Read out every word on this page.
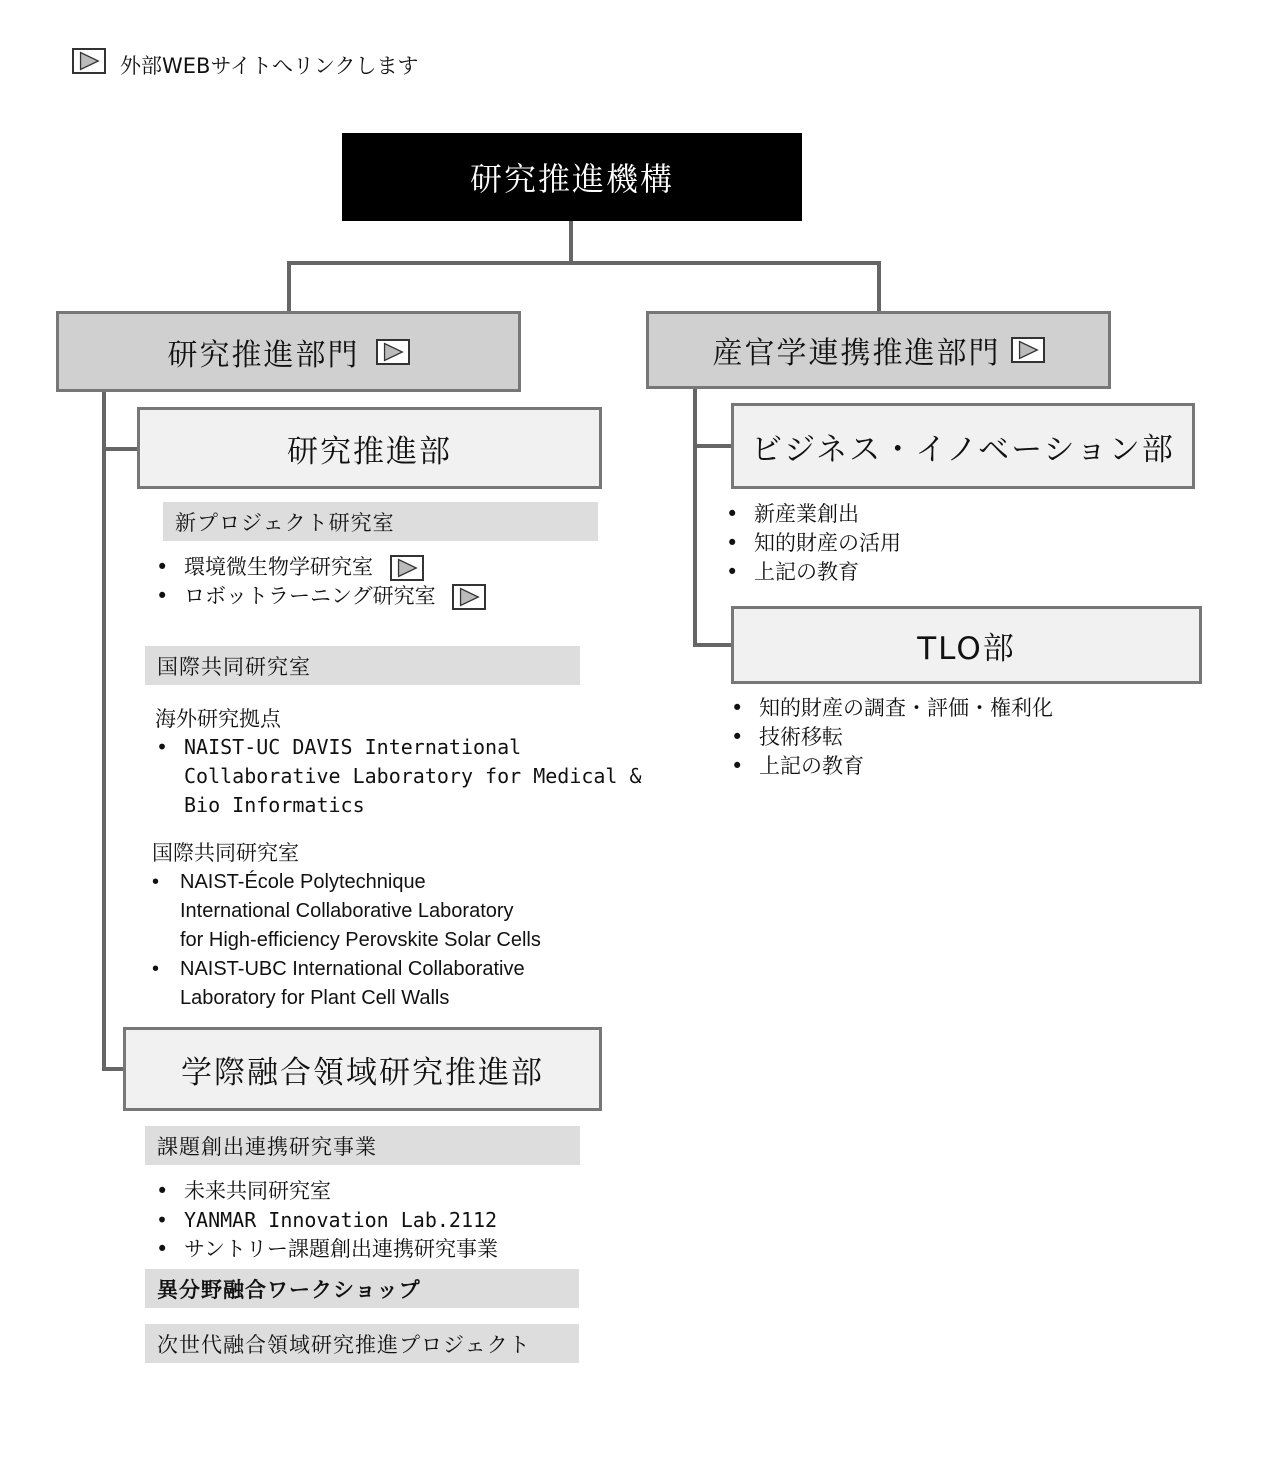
外部WEBサイトへリンクします
研究推進機構
研究推進部門	産官学連携推進部門
研究推進部
新プロジェクト研究室
• 環境微生物学研究室
• ロボットラーニング研究室
国際共同研究室
海外研究拠点
• NAIST-UC DAVIS International
Collaborative Laboratory for Medical &
Bio Informatics
国際共同研究室
• NAIST-École Polytechnique
International Collaborative Laboratory
for High-efficiency Perovskite Solar Cells
• NAIST-UBC International Collaborative
Laboratory for Plant Cell Walls
学際融合領域研究推進部
課題創出連携研究事業
• 未来共同研究室
• YANMAR Innovation Lab.2112
• サントリー課題創出連携研究事業
異分野融合ワークショップ
次世代融合領域研究推進プロジェクト
ビジネス・イノベーション部
• 新産業創出
• 知的財産の活用
• 上記の教育
TLO部
• 知的財産の調査・評価・権利化
• 技術移転
• 上記の教育
